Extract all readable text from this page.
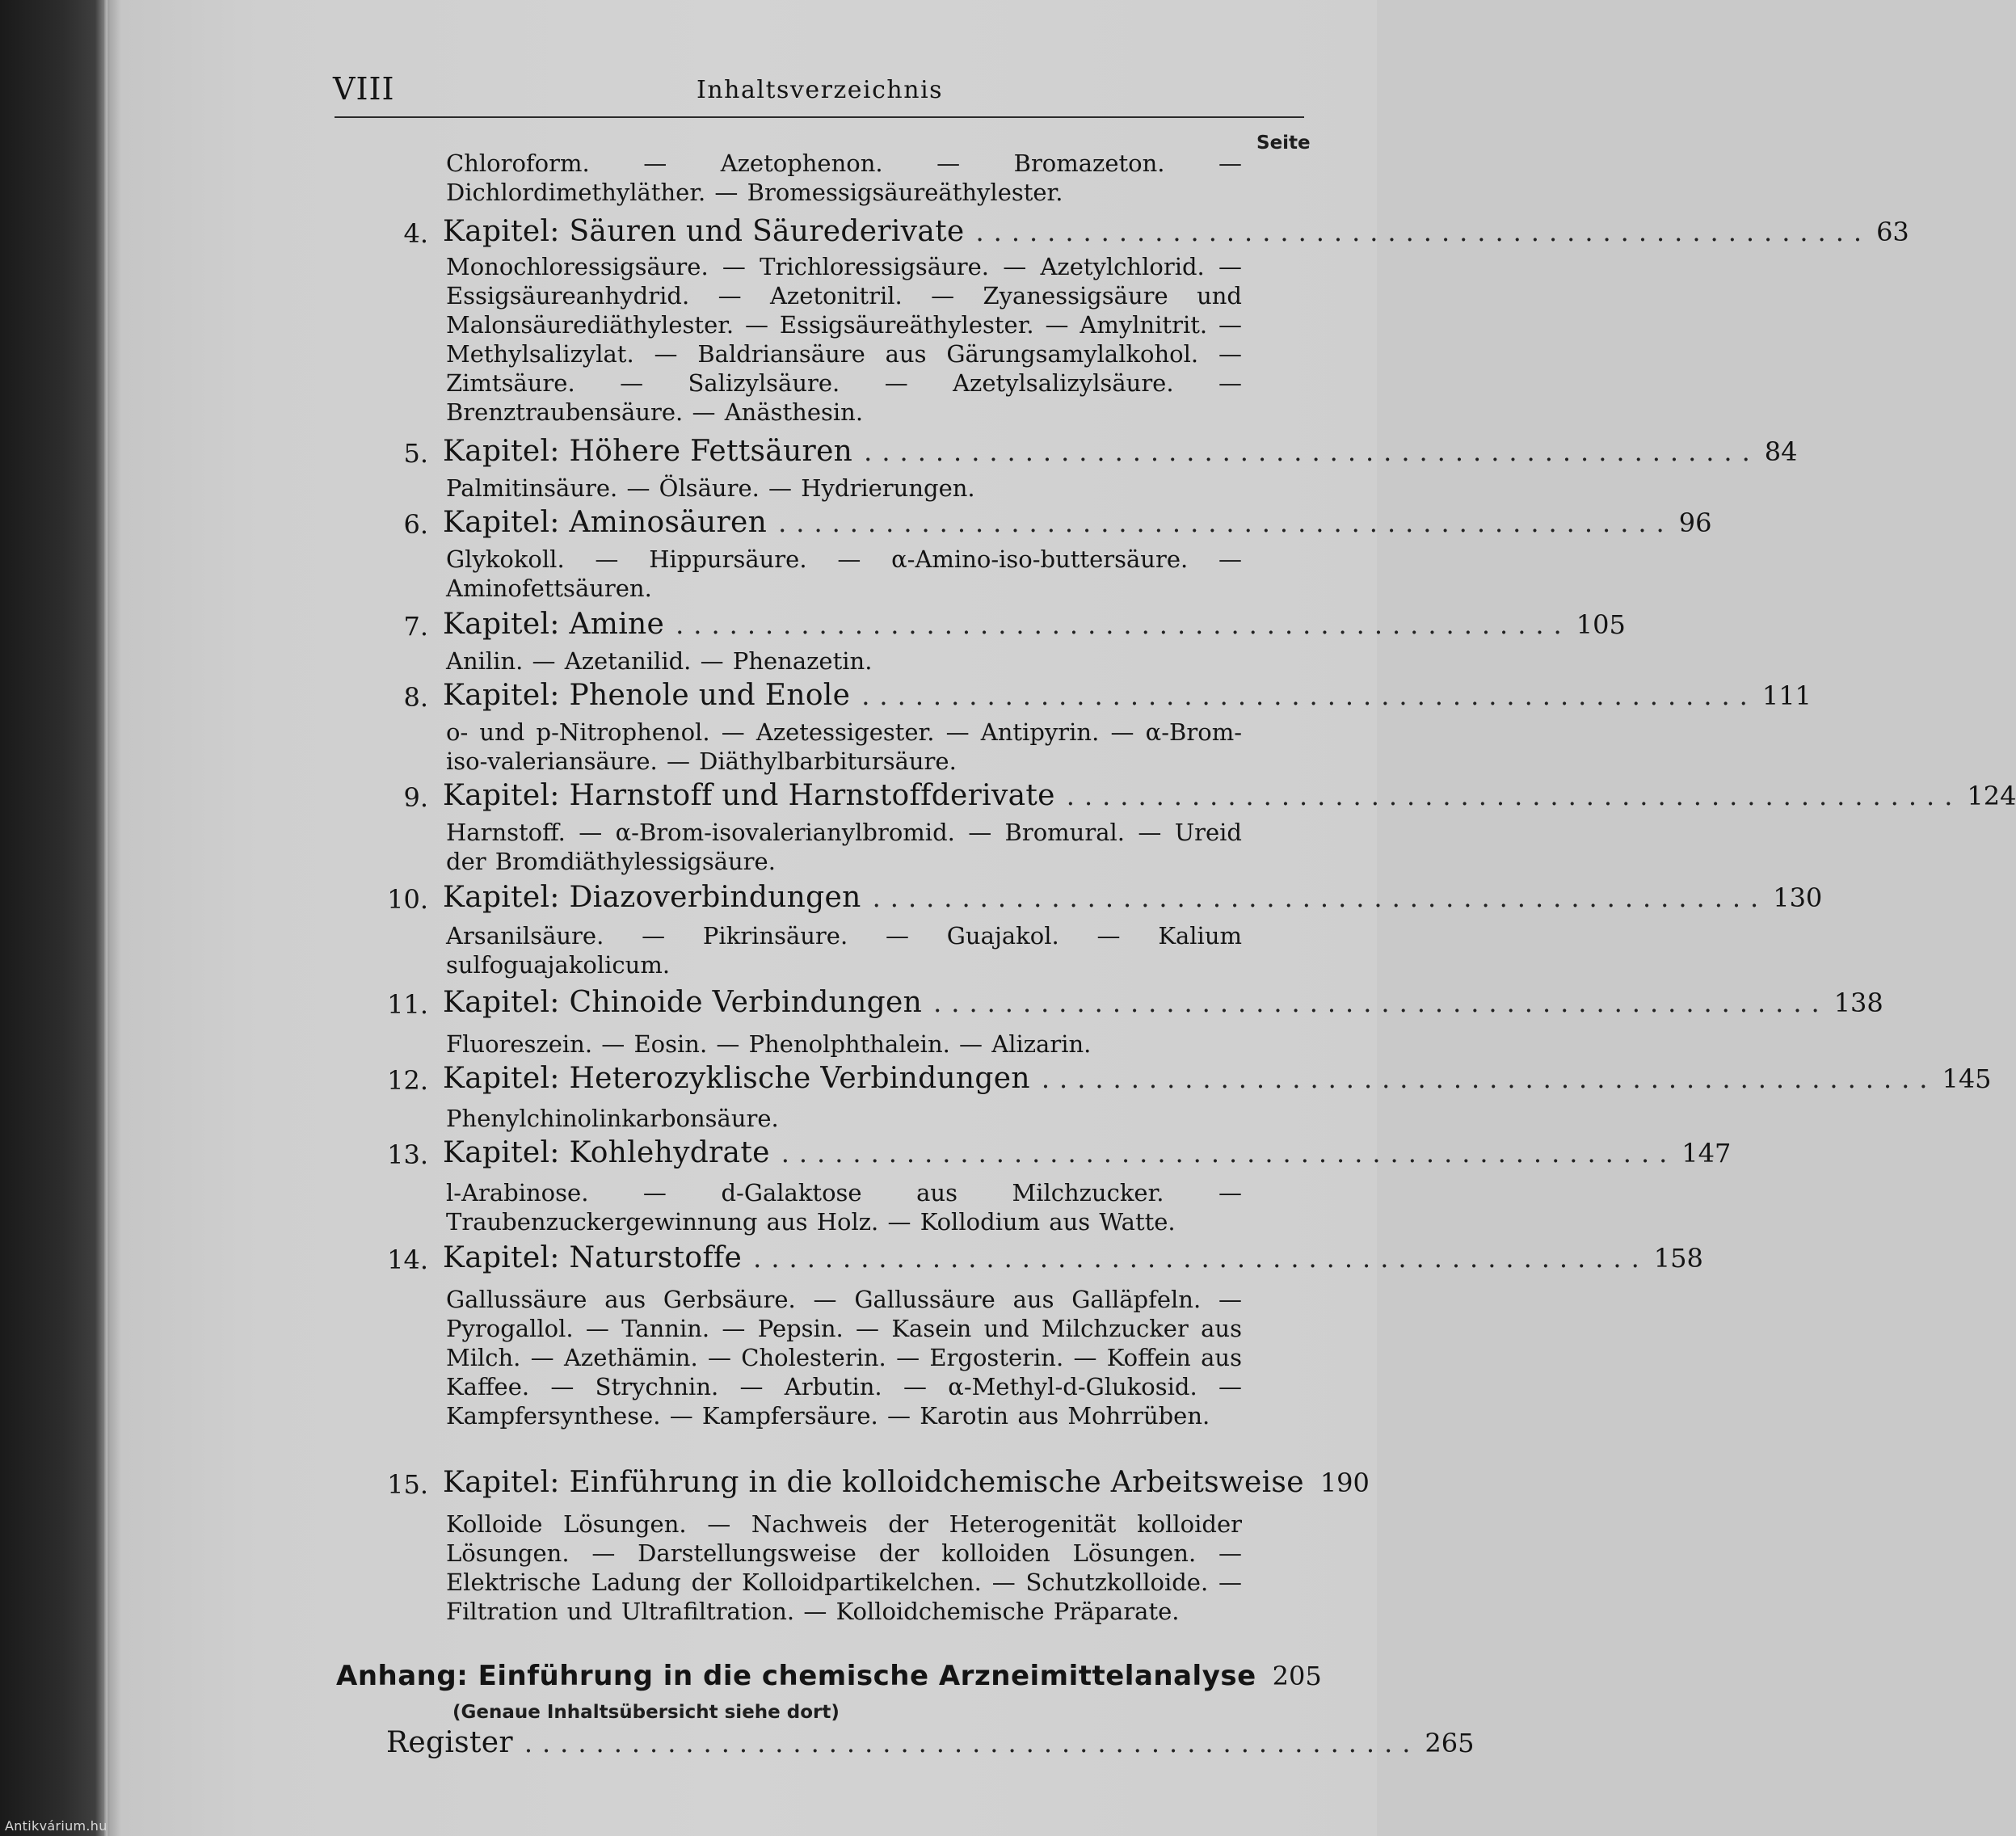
VIII	Inhaltsverzeichnis
Seite
Chloroform. — Azetophenon. — Bromazeton. — Dichlordimethyläther. — Bromessigsäureäthylester.
4. Kapitel: Säuren und Säurederivate .................................................. 63
Monochloressigsäure. — Trichloressigsäure. — Azetylchlorid. — Essigsäureanhydrid. — Azetonitril. — Zyanessigsäure und Malonsäurediäthylester. — Essigsäureäthylester. — Amylnitrit. — Methylsalizylat. — Baldriansäure aus Gärungsamylalkohol. — Zimtsäure. — Salizylsäure. — Azetylsalizylsäure. — Brenztraubensäure. — Anästhesin.
5. Kapitel: Höhere Fettsäuren .................................................. 84
Palmitinsäure. — Ölsäure. — Hydrierungen.
6. Kapitel: Aminosäuren .................................................. 96
Glykokoll. — Hippursäure. — α-Amino-iso-buttersäure. — Aminofettsäuren.
7. Kapitel: Amine .................................................. 105
Anilin. — Azetanilid. — Phenazetin.
8. Kapitel: Phenole und Enole .................................................. 111
o- und p-Nitrophenol. — Azetessigester. — Antipyrin. — α-Brom-iso-valeriansäure. — Diäthylbarbitursäure.
9. Kapitel: Harnstoff und Harnstoffderivate .................................................. 124
Harnstoff. — α-Brom-isovalerianylbromid. — Bromural. — Ureid der Bromdiäthylessigsäure.
10. Kapitel: Diazoverbindungen .................................................. 130
Arsanilsäure. — Pikrinsäure. — Guajakol. — Kalium sulfoguajakolicum.
11. Kapitel: Chinoide Verbindungen .................................................. 138
Fluoreszein. — Eosin. — Phenolphthalein. — Alizarin.
12. Kapitel: Heterozyklische Verbindungen .................................................. 145
Phenylchinolinkarbonsäure.
13. Kapitel: Kohlehydrate .................................................. 147
l-Arabinose. — d-Galaktose aus Milchzucker. — Traubenzuckergewinnung aus Holz. — Kollodium aus Watte.
14. Kapitel: Naturstoffe .................................................. 158
Gallussäure aus Gerbsäure. — Gallussäure aus Galläpfeln. — Pyrogallol. — Tannin. — Pepsin. — Kasein und Milchzucker aus Milch. — Azethämin. — Cholesterin. — Ergosterin. — Koffein aus Kaffee. — Strychnin. — Arbutin. — α-Methyl-d-Glukosid. — Kampfersynthese. — Kampfersäure. — Karotin aus Mohrrüben.
15. Kapitel: Einführung in die kolloidchemische Arbeitsweise 190
Kolloide Lösungen. — Nachweis der Heterogenität kolloider Lösungen. — Darstellungsweise der kolloiden Lösungen. — Elektrische Ladung der Kolloidpartikelchen. — Schutzkolloide. — Filtration und Ultrafiltration. — Kolloidchemische Präparate.
Anhang: Einführung in die chemische Arzneimittelanalyse 205
(Genaue Inhaltsübersicht siehe dort)
Register .................................................. 265
Antikvárium.hu
